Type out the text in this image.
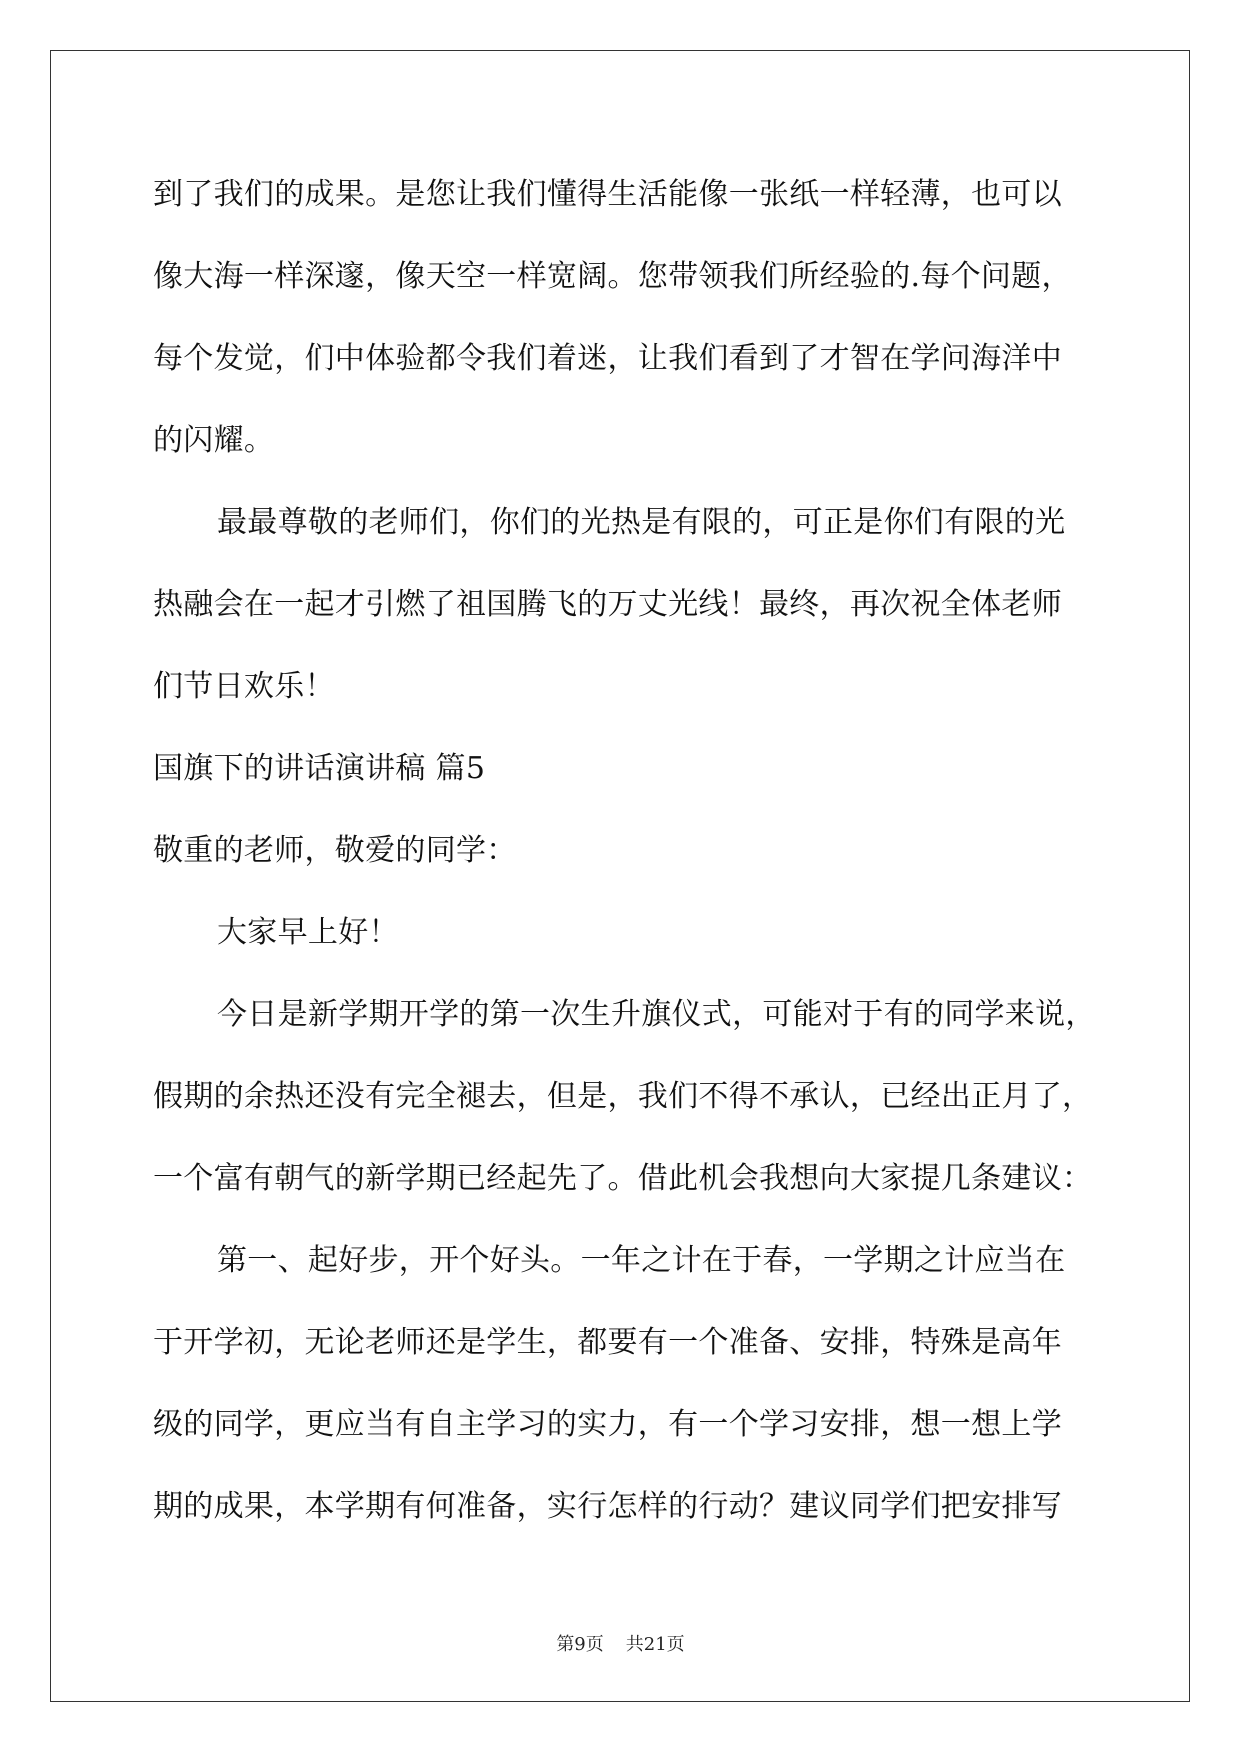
到了我们的成果。是您让我们懂得生活能像一张纸一样轻薄，也可以
像大海一样深邃，像天空一样宽阔。您带领我们所经验的.每个问题，
每个发觉，们中体验都令我们着迷，让我们看到了才智在学问海洋中
的闪耀。
最最尊敬的老师们，你们的光热是有限的，可正是你们有限的光
热融会在一起才引燃了祖国腾飞的万丈光线！最终，再次祝全体老师
们节日欢乐！
国旗下的讲话演讲稿 篇5
敬重的老师，敬爱的同学：
大家早上好！
今日是新学期开学的第一次生升旗仪式，可能对于有的同学来说，
假期的余热还没有完全褪去，但是，我们不得不承认，已经出正月了，
一个富有朝气的新学期已经起先了。借此机会我想向大家提几条建议：
第一、起好步，开个好头。一年之计在于春，一学期之计应当在
于开学初，无论老师还是学生，都要有一个准备、安排，特殊是高年
级的同学，更应当有自主学习的实力，有一个学习安排，想一想上学
期的成果，本学期有何准备，实行怎样的行动？建议同学们把安排写
第9页 共21页
